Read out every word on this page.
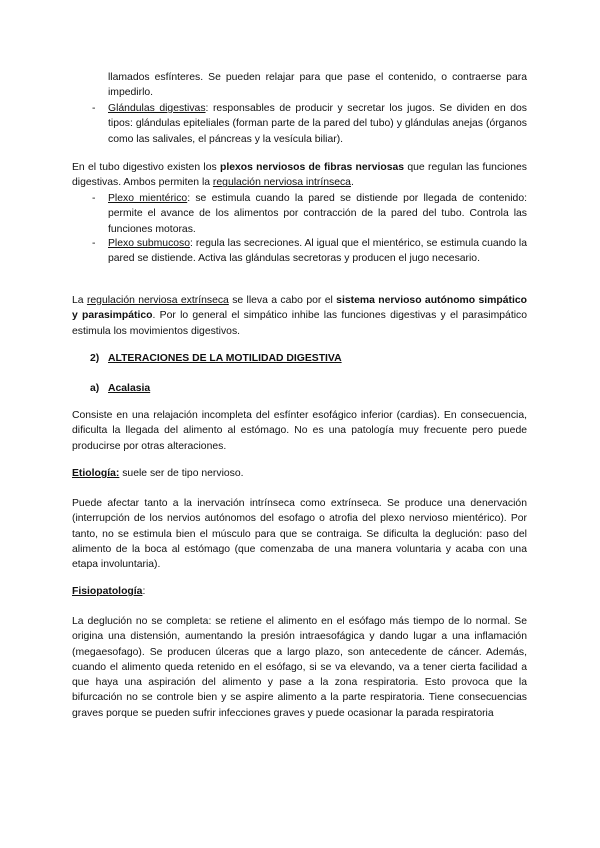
llamados esfínteres. Se pueden relajar para que pase el contenido, o contraerse para impedirlo.

- Glándulas digestivas: responsables de producir y secretar los jugos. Se dividen en dos tipos: glándulas epiteliales (forman parte de la pared del tubo) y glándulas anejas (órganos como las salivales, el páncreas y la vesícula biliar).

En el tubo digestivo existen los plexos nerviosos de fibras nerviosas que regulan las funciones digestivas. Ambos permiten la regulación nerviosa intrínseca.

- Plexo mientérico: se estimula cuando la pared se distiende por llegada de contenido: permite el avance de los alimentos por contracción de la pared del tubo. Controla las funciones motoras.

- Plexo submucoso: regula las secreciones. Al igual que el mientérico, se estimula cuando la pared se distiende. Activa las glándulas secretoras y producen el jugo necesario.

La regulación nerviosa extrínseca se lleva a cabo por el sistema nervioso autónomo simpático y parasimpático. Por lo general el simpático inhibe las funciones digestivas y el parasimpático estimula los movimientos digestivos.

2) ALTERACIONES DE LA MOTILIDAD DIGESTIVA
a) Acalasia

Consiste en una relajación incompleta del esfínter esofágico inferior (cardias). En consecuencia, dificulta la llegada del alimento al estómago. No es una patología muy frecuente pero puede producirse por otras alteraciones.

Etiología: suele ser de tipo nervioso.

Puede afectar tanto a la inervación intrínseca como extrínseca. Se produce una denervación (interrupción de los nervios autónomos del esofago o atrofia del plexo nervioso mientérico). Por tanto, no se estimula bien el músculo para que se contraiga. Se dificulta la deglución: paso del alimento de la boca al estómago (que comenzaba de una manera voluntaria y acaba con una etapa involuntaria).

Fisiopatología:

La deglución no se completa: se retiene el alimento en el esófago más tiempo de lo normal. Se origina una distensión, aumentando la presión intraesofágica y dando lugar a una inflamación (megaesofago). Se producen úlceras que a largo plazo, son antecedente de cáncer. Además, cuando el alimento queda retenido en el esófago, si se va elevando, va a tener cierta facilidad a que haya una aspiración del alimento y pase a la zona respiratoria. Esto provoca que la bifurcación no se controle bien y se aspire alimento a la parte respiratoria. Tiene consecuencias graves porque se pueden sufrir infecciones graves y puede ocasionar la parada respiratoria
